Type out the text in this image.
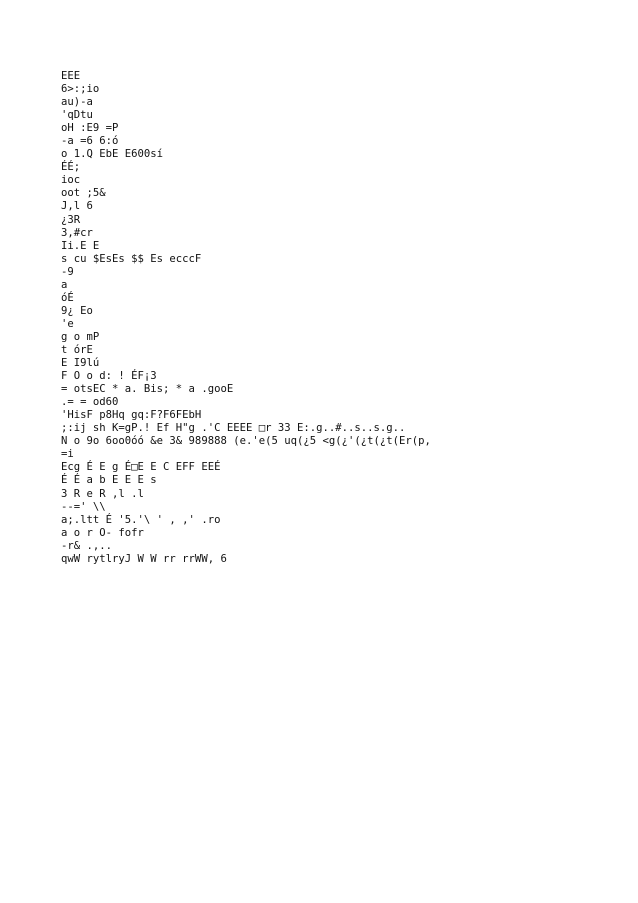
EEE
6>:;io
au)-a
'qDtu
oH :E9 =P
-a =6 6:ó
o 1.Q EbE E600sí
ÉÉ;
ioc
oot ;5&
J,l 6
¿3R
3,#cr
Ii.E E
s cu $EsEs $$ Es ecccF
-9
a
óÉ
9¿ Eo
'e
g o mP
t órE
E I9lú
F O o d: ! ÉF¡3
= otsEC * a. Bis; * a .gooE
.= = od60
'HisF p8Hq gq:F?F6FEbH
;:ij sh K=gP.! Ef H"g .'C EEEE □r 33 E:.g..#..s..s.g..
N o 9o 6oo0óó &e 3& 989888 (e.'e(5 uq(¿5 <g(¿'(¿t(¿t(Er(p,
=i
Ecg É E g É□E E C EFF EEÉ
É É a b E E E s
3 R e R ,l .l
--=' \\
a;.ltt É '5.'\ ' , ,' .ro
a o r O- fofr
-r& .,..
qwW rytlryJ W W rr rrWW, 6
